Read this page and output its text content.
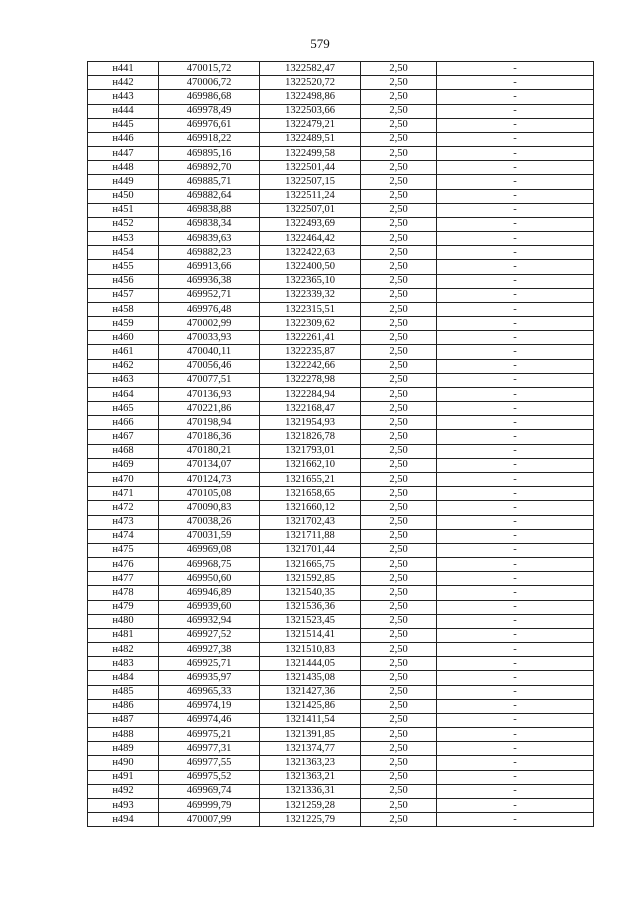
579
н441	470015,72	1322582,47	2,50	-
н442	470006,72	1322520,72	2,50	-
н443	469986,68	1322498,86	2,50	-
н444	469978,49	1322503,66	2,50	-
н445	469976,61	1322479,21	2,50	-
н446	469918,22	1322489,51	2,50	-
н447	469895,16	1322499,58	2,50	-
н448	469892,70	1322501,44	2,50	-
н449	469885,71	1322507,15	2,50	-
н450	469882,64	1322511,24	2,50	-
н451	469838,88	1322507,01	2,50	-
н452	469838,34	1322493,69	2,50	-
н453	469839,63	1322464,42	2,50	-
н454	469882,23	1322422,63	2,50	-
н455	469913,66	1322400,50	2,50	-
н456	469936,38	1322365,10	2,50	-
н457	469952,71	1322339,32	2,50	-
н458	469976,48	1322315,51	2,50	-
н459	470002,99	1322309,62	2,50	-
н460	470033,93	1322261,41	2,50	-
н461	470040,11	1322235,87	2,50	-
н462	470056,46	1322242,66	2,50	-
н463	470077,51	1322278,98	2,50	-
н464	470136,93	1322284,94	2,50	-
н465	470221,86	1322168,47	2,50	-
н466	470198,94	1321954,93	2,50	-
н467	470186,36	1321826,78	2,50	-
н468	470180,21	1321793,01	2,50	-
н469	470134,07	1321662,10	2,50	-
н470	470124,73	1321655,21	2,50	-
н471	470105,08	1321658,65	2,50	-
н472	470090,83	1321660,12	2,50	-
н473	470038,26	1321702,43	2,50	-
н474	470031,59	1321711,88	2,50	-
н475	469969,08	1321701,44	2,50	-
н476	469968,75	1321665,75	2,50	-
н477	469950,60	1321592,85	2,50	-
н478	469946,89	1321540,35	2,50	-
н479	469939,60	1321536,36	2,50	-
н480	469932,94	1321523,45	2,50	-
н481	469927,52	1321514,41	2,50	-
н482	469927,38	1321510,83	2,50	-
н483	469925,71	1321444,05	2,50	-
н484	469935,97	1321435,08	2,50	-
н485	469965,33	1321427,36	2,50	-
н486	469974,19	1321425,86	2,50	-
н487	469974,46	1321411,54	2,50	-
н488	469975,21	1321391,85	2,50	-
н489	469977,31	1321374,77	2,50	-
н490	469977,55	1321363,23	2,50	-
н491	469975,52	1321363,21	2,50	-
н492	469969,74	1321336,31	2,50	-
н493	469999,79	1321259,28	2,50	-
н494	470007,99	1321225,79	2,50	-
